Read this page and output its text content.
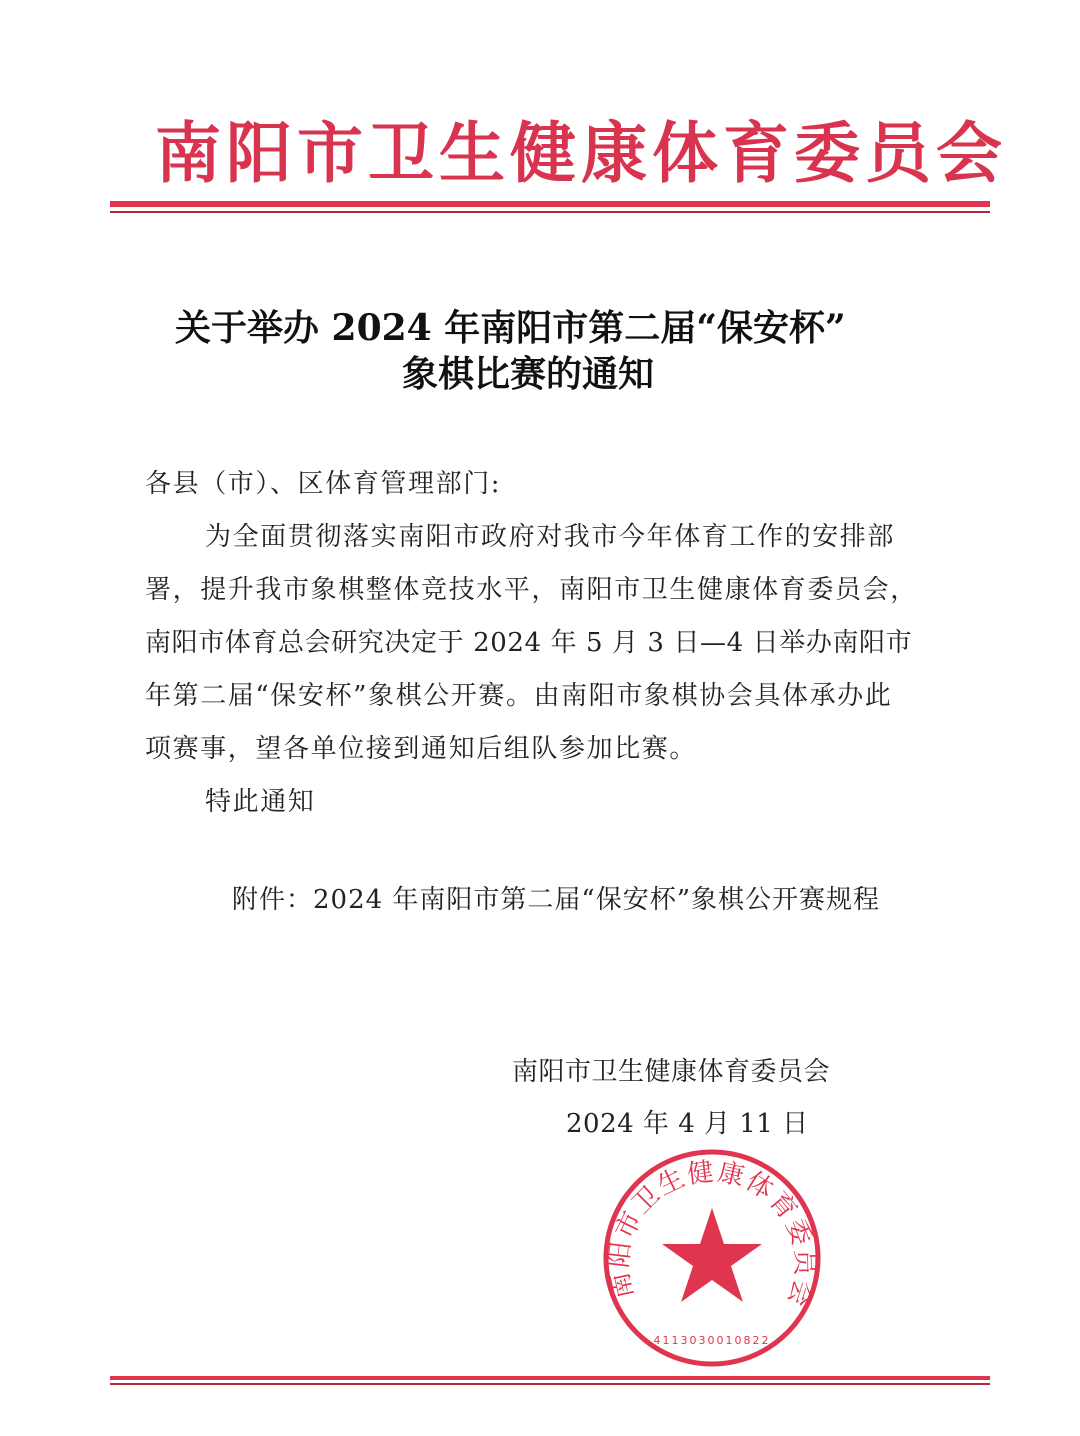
南阳市卫生健康体育委员会
关于举办 2024 年南阳市第二届“保安杯”
象棋比赛的通知
各县（市）、区体育管理部门:
为全面贯彻落实南阳市政府对我市今年体育工作的安排部
署，提升我市象棋整体竞技水平，南阳市卫生健康体育委员会，
南阳市体育总会研究决定于 2024 年 5 月 3 日—4 日举办南阳市
年第二届“保安杯”象棋公开赛。由南阳市象棋协会具体承办此
项赛事，望各单位接到通知后组队参加比赛。
特此通知
附件：2024 年南阳市第二届“保安杯”象棋公开赛规程
南阳市卫生健康体育委员会
2024 年 4 月 11 日
南阳市卫生健康体育委员会
4113030010822
